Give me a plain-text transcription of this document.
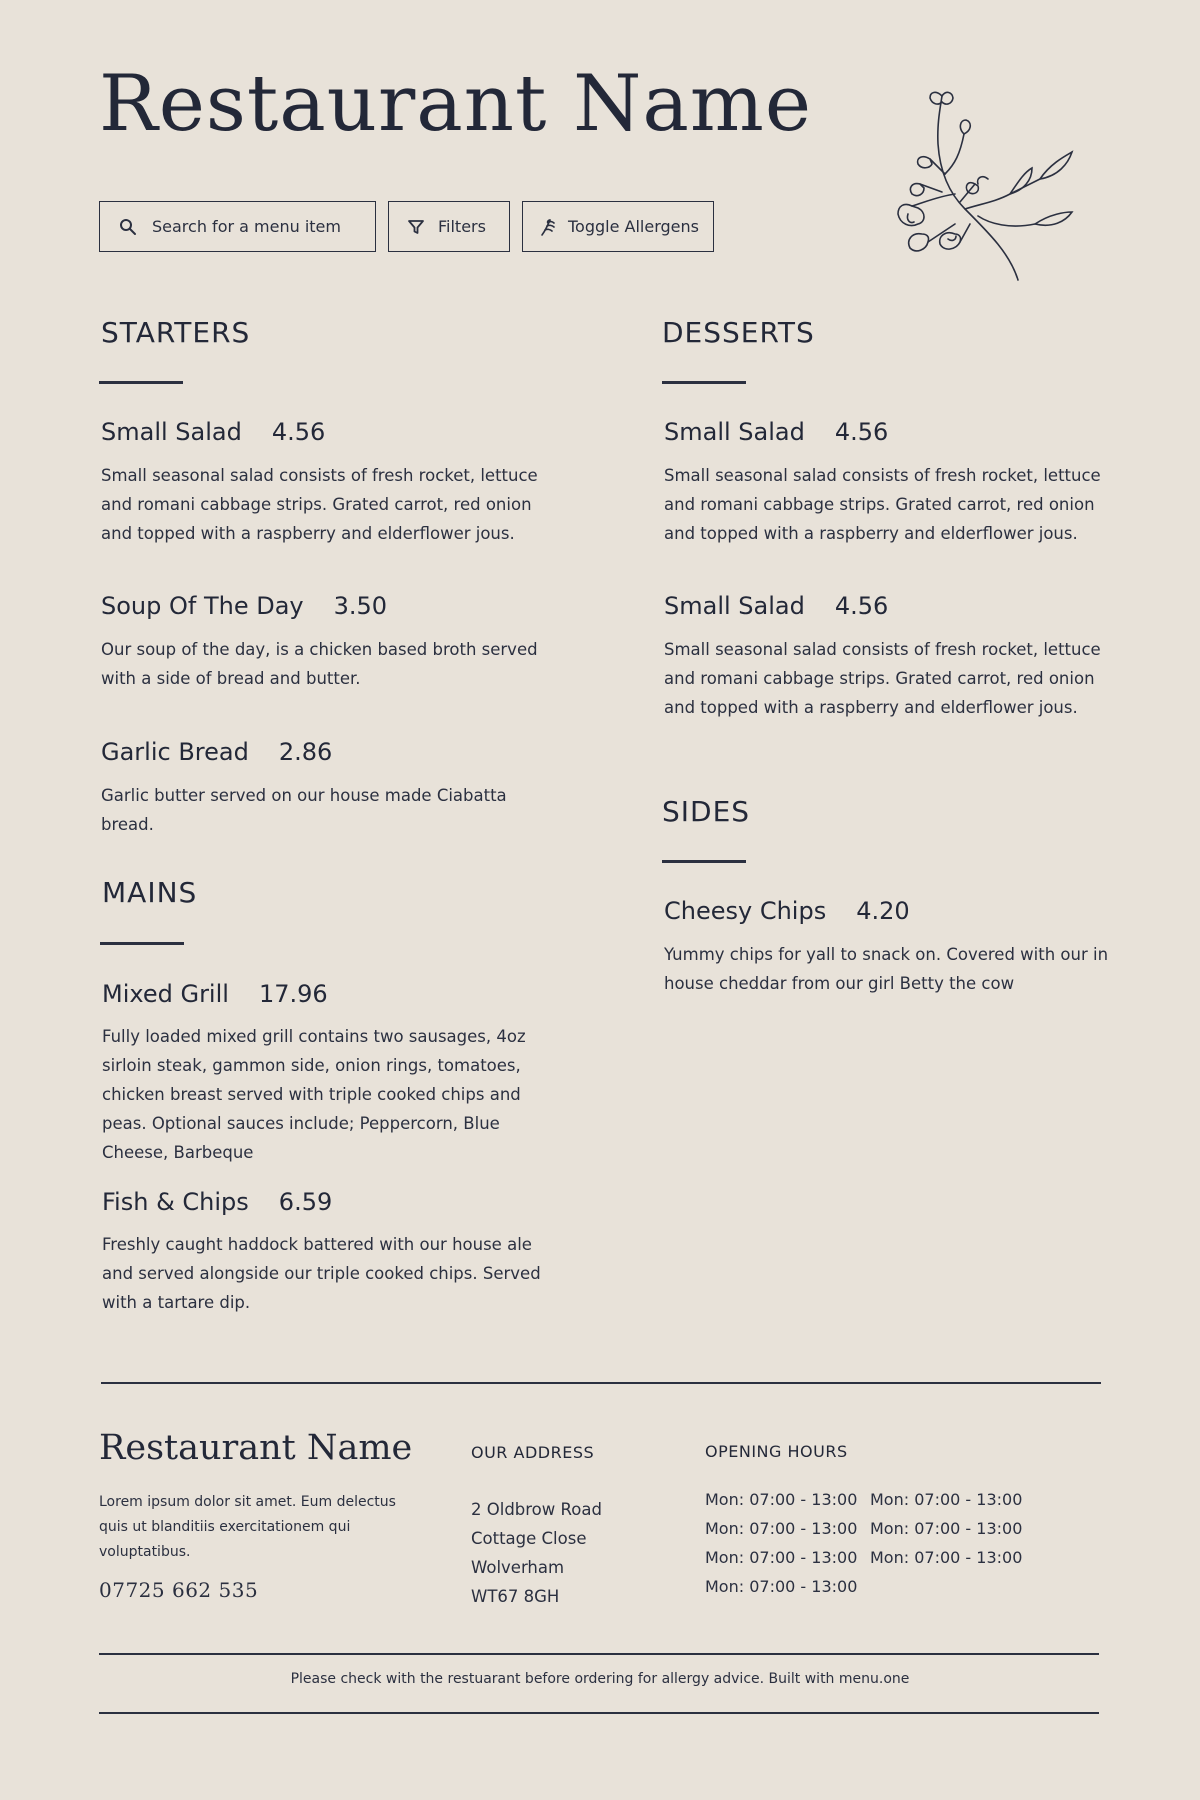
Restaurant Name
Search for a menu item	Filters	Toggle Allergens
STARTERS
Small Salad 4.56

Small seasonal salad consists of fresh rocket, lettuce and romani cabbage strips. Grated carrot, red onion and topped with a raspberry and elderflower jous.

Soup Of The Day 3.50

Our soup of the day, is a chicken based broth served with a side of bread and butter.

Garlic Bread 2.86

Garlic butter served on our house made Ciabatta bread.

MAINS
Mixed Grill 17.96

Fully loaded mixed grill contains two sausages, 4oz sirloin steak, gammon side, onion rings, tomatoes, chicken breast served with triple cooked chips and peas. Optional sauces include; Peppercorn, Blue Cheese, Barbeque

Fish & Chips 6.59

Freshly caught haddock battered with our house ale and served alongside our triple cooked chips. Served with a tartare dip.

DESSERTS
Small Salad 4.56

Small seasonal salad consists of fresh rocket, lettuce and romani cabbage strips. Grated carrot, red onion and topped with a raspberry and elderflower jous.

Small Salad 4.56

Small seasonal salad consists of fresh rocket, lettuce and romani cabbage strips. Grated carrot, red onion and topped with a raspberry and elderflower jous.

SIDES
Cheesy Chips 4.20

Yummy chips for yall to snack on. Covered with our in house cheddar from our girl Betty the cow

Restaurant Name

Lorem ipsum dolor sit amet. Eum delectus quis ut blanditiis exercitationem qui voluptatibus.

07725 662 535
OUR ADDRESS
2 Oldbrow Road
Cottage Close
Wolverham
WT67 8GH
OPENING HOURS
Mon: 07:00 - 13:00
Mon: 07:00 - 13:00
Mon: 07:00 - 13:00
Mon: 07:00 - 13:00
Mon: 07:00 - 13:00
Mon: 07:00 - 13:00
Mon: 07:00 - 13:00
Please check with the restuarant before ordering for allergy advice. Built with menu.one
